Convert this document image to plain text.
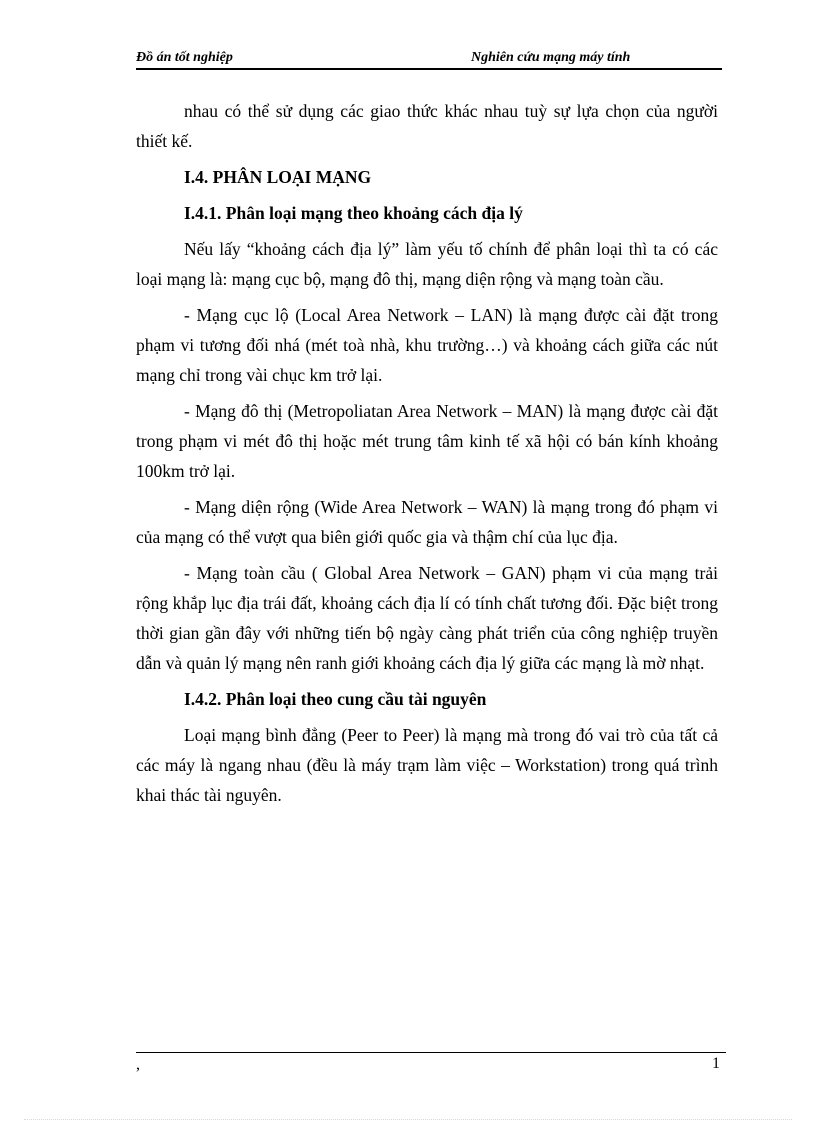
Đồ án tốt nghiệp	Nghiên cứu mạng máy tính

nhau có thể sử dụng các giao thức khác nhau tuỳ sự lựa chọn của người thiết kế.

I.4. PHÂN LOẠI MẠNG

I.4.1. Phân loại mạng theo khoảng cách địa lý

Nếu lấy “khoảng cách địa lý” làm yếu tố chính để phân loại thì ta có các loại mạng là: mạng cục bộ, mạng đô thị, mạng diện rộng và mạng toàn cầu.

- Mạng cục lộ (Local Area Network – LAN) là mạng được cài đặt trong phạm vi tương đối nhá (mét toà nhà, khu trường…) và khoảng cách giữa các nút mạng chỉ trong vài chục km trở lại.

- Mạng đô thị (Metropoliatan Area Network – MAN) là mạng được cài đặt trong phạm vi mét đô thị hoặc mét trung tâm kinh tế xã hội có bán kính khoảng 100km trở lại.

- Mạng diện rộng (Wide Area Network – WAN) là mạng trong đó phạm vi của mạng có thể vượt qua biên giới quốc gia và thậm chí của lục địa.

- Mạng toàn cầu ( Global Area Network – GAN) phạm vi của mạng trải rộng khắp lục địa trái đất, khoảng cách địa lí có tính chất tương đối. Đặc biệt trong thời gian gần đây với những tiến bộ ngày càng phát triển của công nghiệp truyền dẫn và quản lý mạng nên ranh giới khoảng cách địa lý giữa các mạng là mờ nhạt.

I.4.2. Phân loại theo cung cầu tài nguyên

Loại mạng bình đẳng (Peer to Peer) là mạng mà trong đó vai trò của tất cả các máy là ngang nhau (đều là máy trạm làm việc – Workstation) trong quá trình khai thác tài nguyên.

,	1
